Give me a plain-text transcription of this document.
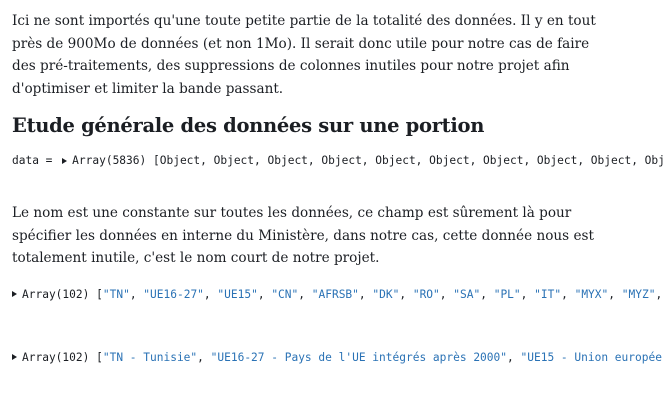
Ici ne sont importés qu'une toute petite partie de la totalité des données. Il y en tout
près de 900Mo de données (et non 1Mo). Il serait donc utile pour notre cas de faire
des pré-traitements, des suppressions de colonnes inutiles pour notre projet afin
d'optimiser et limiter la bande passant.

Etude générale des données sur une portion
data = Array(5836) [Object, Object, Object, Object, Object, Object, Object, Object, Object, Obj

Le nom est une constante sur toutes les données, ce champ est sûrement là pour
spécifier les données en interne du Ministère, dans notre cas, cette donnée nous est
totalement inutile, c'est le nom court de notre projet.

Array(102) ["TN", "UE16-27", "UE15", "CN", "AFRSB", "DK", "RO", "SA", "PL", "IT", "MYX", "MYZ",
Array(102) ["TN - Tunisie", "UE16-27 - Pays de l'UE intégrés après 2000", "UE15 - Union europée
